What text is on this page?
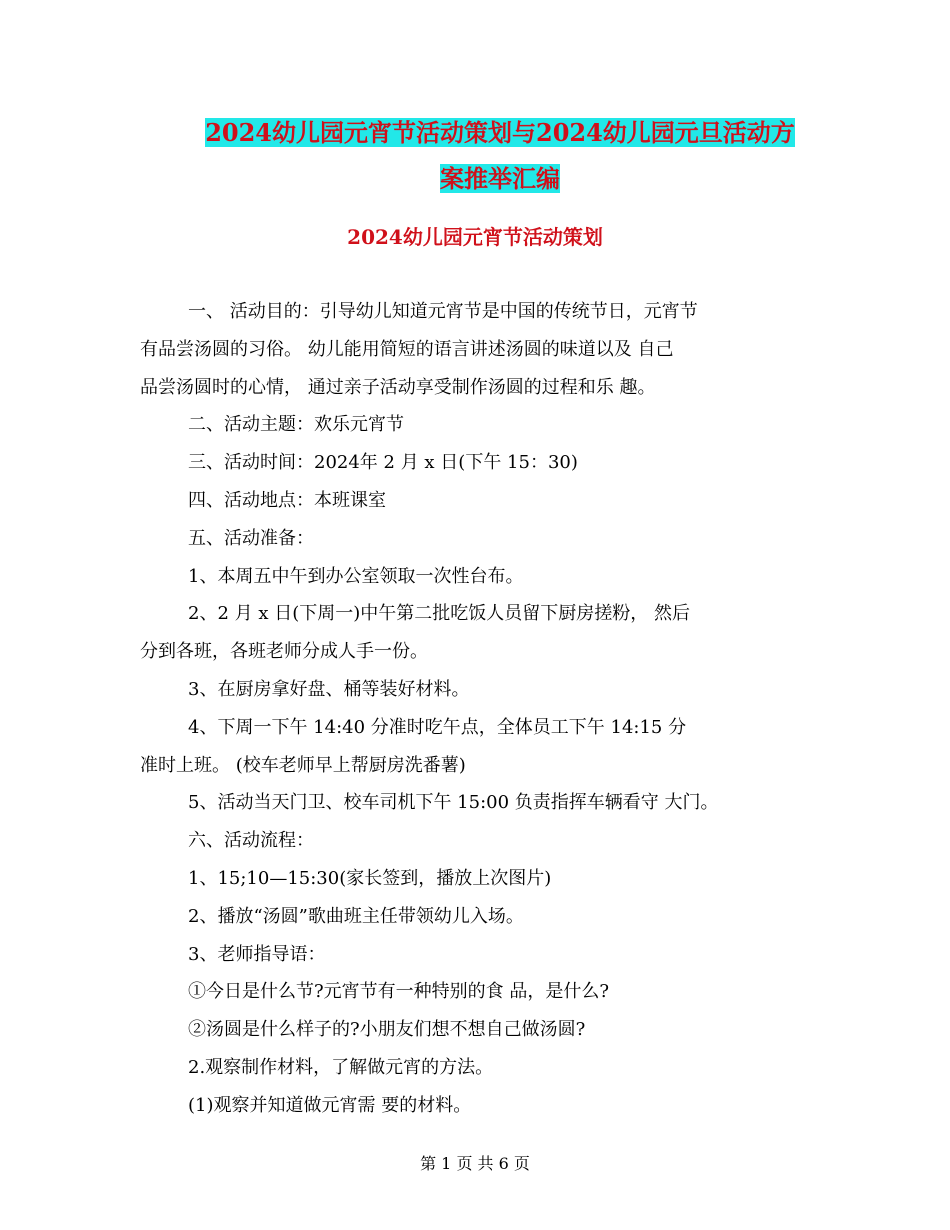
2024幼儿园元宵节活动策划与2024幼儿园元旦活动方
案推举汇编
2024幼儿园元宵节活动策划
一、 活动目的：引导幼儿知道元宵节是中国的传统节日，元宵节
有品尝汤圆的习俗。 幼儿能用简短的语言讲述汤圆的味道以及 自己
品尝汤圆时的心情， 通过亲子活动享受制作汤圆的过程和乐 趣。
二、活动主题：欢乐元宵节
三、活动时间：2024年 2 月 x 日(下午 15：30)
四、活动地点：本班课室
五、活动准备：
1、本周五中午到办公室领取一次性台布。
2、2 月 x 日(下周一)中午第二批吃饭人员留下厨房搓粉， 然后
分到各班，各班老师分成人手一份。
3、在厨房拿好盘、桶等装好材料。
4、下周一下午 14:40 分准时吃午点，全体员工下午 14:15 分
准时上班。 (校车老师早上帮厨房洗番薯)
5、活动当天门卫、校车司机下午 15:00 负责指挥车辆看守 大门。
六、活动流程：
1、15;10—15:30(家长签到，播放上次图片)
2、播放“汤圆”歌曲班主任带领幼儿入场。
3、老师指导语：
①今日是什么节?元宵节有一种特别的食 品，是什么?
②汤圆是什么样子的?小朋友们想不想自己做汤圆?
2.观察制作材料，了解做元宵的方法。
(1)观察并知道做元宵需 要的材料。
第 1 页 共 6 页
